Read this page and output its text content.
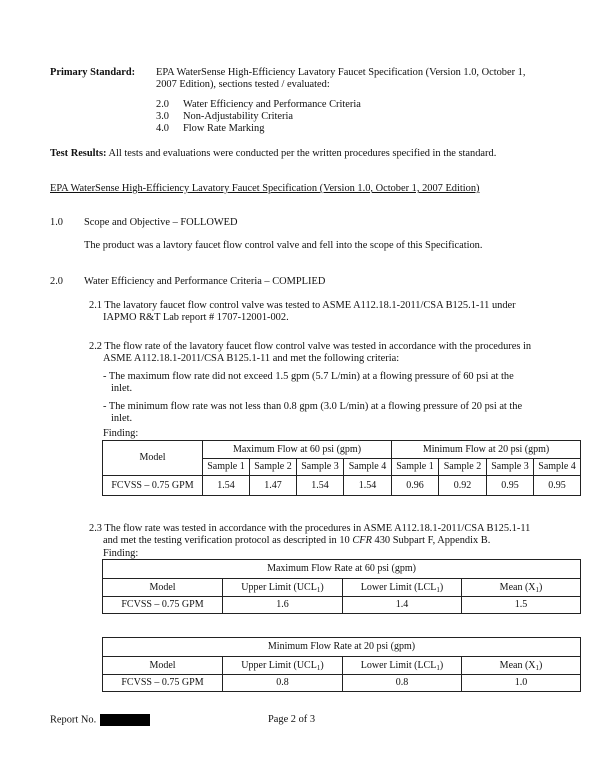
Primary Standard: EPA WaterSense High-Efficiency Lavatory Faucet Specification (Version 1.0, October 1,
2007 Edition), sections tested / evaluated:
2.0 Water Efficiency and Performance Criteria
3.0 Non-Adjustability Criteria
4.0 Flow Rate Marking
Test Results: All tests and evaluations were conducted per the written procedures specified in the standard.
EPA WaterSense High-Efficiency Lavatory Faucet Specification (Version 1.0, October 1, 2007 Edition)
1.0 Scope and Objective – FOLLOWED
The product was a lavtory faucet flow control valve and fell into the scope of this Specification.
2.0 Water Efficiency and Performance Criteria – COMPLIED
2.1 The lavatory faucet flow control valve was tested to ASME A112.18.1-2011/CSA B125.1-11 under
IAPMO R&T Lab report # 1707-12001-002.
2.2 The flow rate of the lavatory faucet flow control valve was tested in accordance with the procedures in
ASME A112.18.1-2011/CSA B125.1-11 and met the following criteria:
- The maximum flow rate did not exceed 1.5 gpm (5.7 L/min) at a flowing pressure of 60 psi at the
inlet.
- The minimum flow rate was not less than 0.8 gpm (3.0 L/min) at a flowing pressure of 20 psi at the
inlet.
Finding:
Model	Maximum Flow at 60 psi (gpm)				Minimum Flow at 20 psi (gpm)			
	Sample 1	Sample 2	Sample 3	Sample 4	Sample 1	Sample 2	Sample 3	Sample 4
FCVSS – 0.75 GPM	1.54	1.47	1.54	1.54	0.96	0.92	0.95	0.95
2.3 The flow rate was tested in accordance with the procedures in ASME A112.18.1-2011/CSA B125.1-11
and met the testing verification protocol as descripted in 10 CFR 430 Subpart F, Appendix B.
Finding:
Maximum Flow Rate at 60 psi (gpm)			
Model	Upper Limit $(UCL_1)$	Lower Limit $(LCL_1)$	Mean $(X_1)$
FCVSS – 0.75 GPM	1.6	1.4	1.5
Minimum Flow Rate at 20 psi (gpm)			
Model	Upper Limit $(UCL_1)$	Lower Limit $(LCL_1)$	Mean $(X_1)$
FCVSS – 0.75 GPM	0.8	0.8	1.0
Report No.	Page 2 of 3
